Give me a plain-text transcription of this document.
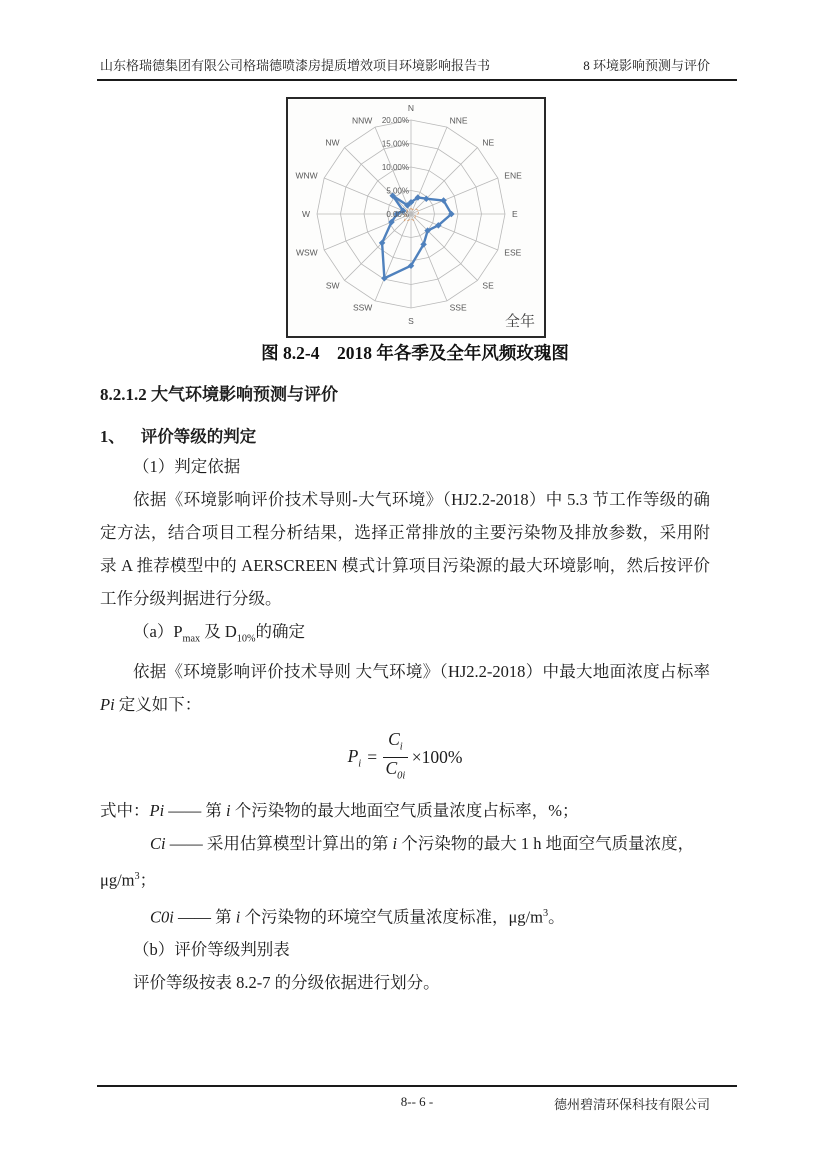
山东格瑞德集团有限公司格瑞德喷漆房提质增效项目环境影响报告书	8 环境影响预测与评价
N
NNE
NE
ENE
E
ESE
SE
SSE
S
SSW
SW
WSW
W
WNW
NW
NNW
0.00%
5.00%
10.00%
15.00%
20.00%
全年
图 8.2-4　2018 年各季及全年风频玫瑰图

8.2.1.2 大气环境影响预测与评价

1、 评价等级的判定

（1）判定依据

依据《环境影响评价技术导则-大气环境》（HJ2.2-2018）中 5.3 节工作等级的确定方法，结合项目工程分析结果，选择正常排放的主要污染物及排放参数，采用附录 A 推荐模型中的 AERSCREEN 模式计算项目污染源的最大环境影响，然后按评价工作分级判据进行分级。

$(a)P_{max}$ 及 $D_{10\%}$的确定

依据《环境影响评价技术导则 大气环境》（HJ2.2-2018）中最大地面浓度占标率 Pi 定义如下：

$P_i = \frac{C_i}{C_{0i}} \times 100\%$

式中：Pi —— 第 i 个污染物的最大地面空气质量浓度占标率，%；

Ci —— 采用估算模型计算出的第 i 个污染物的最大 1 h 地面空气质量浓度，

$\mu g/m^3$；

C0i —— 第 i 个污染物的环境空气质量浓度标准，$\mu g/m^3$。

（b）评价等级判别表

评价等级按表 8.2-7 的分级依据进行划分。

8-- 6 -	德州碧清环保科技有限公司
